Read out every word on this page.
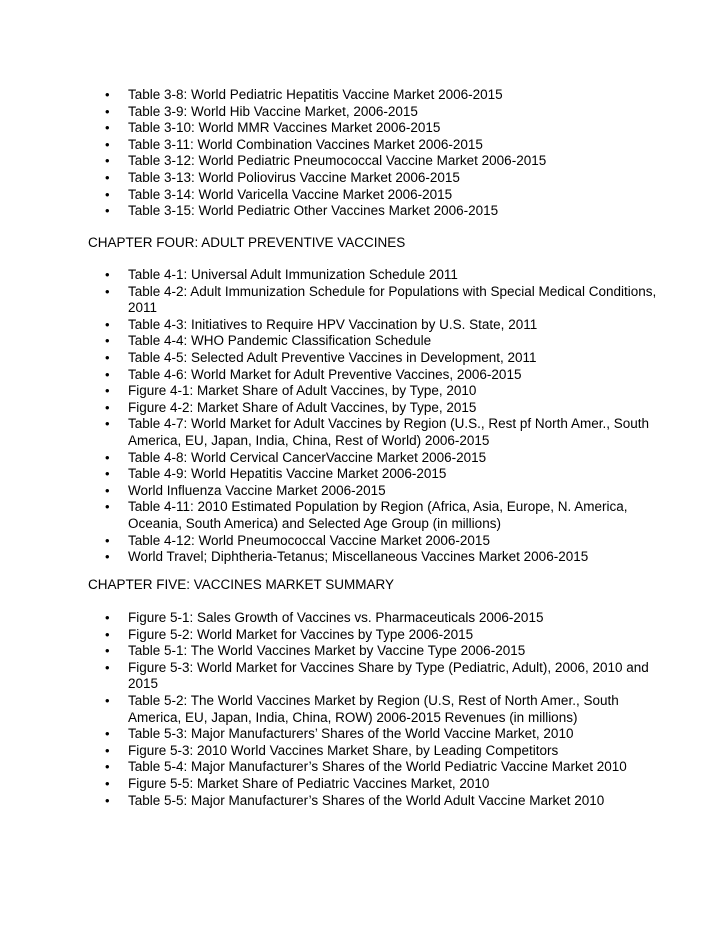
• Table 3-8: World Pediatric Hepatitis Vaccine Market 2006-2015
• Table 3-9: World Hib Vaccine Market, 2006-2015
• Table 3-10: World MMR Vaccines Market 2006-2015
• Table 3-11: World Combination Vaccines Market 2006-2015
• Table 3-12: World Pediatric Pneumococcal Vaccine Market 2006-2015
• Table 3-13: World Poliovirus Vaccine Market 2006-2015
• Table 3-14: World Varicella Vaccine Market 2006-2015
• Table 3-15: World Pediatric Other Vaccines Market 2006-2015
CHAPTER FOUR: ADULT PREVENTIVE VACCINES
• Table 4-1: Universal Adult Immunization Schedule 2011
• Table 4-2: Adult Immunization Schedule for Populations with Special Medical Conditions, 2011
• Table 4-3: Initiatives to Require HPV Vaccination by U.S. State, 2011
• Table 4-4: WHO Pandemic Classification Schedule
• Table 4-5: Selected Adult Preventive Vaccines in Development, 2011
• Table 4-6: World Market for Adult Preventive Vaccines, 2006-2015
• Figure 4-1: Market Share of Adult Vaccines, by Type, 2010
• Figure 4-2: Market Share of Adult Vaccines, by Type, 2015
• Table 4-7: World Market for Adult Vaccines by Region (U.S., Rest pf North Amer., South America, EU, Japan, India, China, Rest of World) 2006-2015
• Table 4-8: World Cervical CancerVaccine Market 2006-2015
• Table 4-9: World Hepatitis Vaccine Market 2006-2015
• World Influenza Vaccine Market 2006-2015
• Table 4-11: 2010 Estimated Population by Region (Africa, Asia, Europe, N. America, Oceania, South America) and Selected Age Group (in millions)
• Table 4-12: World Pneumococcal Vaccine Market 2006-2015
• World Travel; Diphtheria-Tetanus; Miscellaneous Vaccines Market 2006-2015
CHAPTER FIVE: VACCINES MARKET SUMMARY
• Figure 5-1: Sales Growth of Vaccines vs. Pharmaceuticals 2006-2015
• Figure 5-2: World Market for Vaccines by Type 2006-2015
• Table 5-1: The World Vaccines Market by Vaccine Type 2006-2015
• Figure 5-3: World Market for Vaccines Share by Type (Pediatric, Adult), 2006, 2010 and 2015
• Table 5-2: The World Vaccines Market by Region (U.S, Rest of North Amer., South America, EU, Japan, India, China, ROW) 2006-2015 Revenues (in millions)
• Table 5-3: Major Manufacturers’ Shares of the World Vaccine Market, 2010
• Figure 5-3: 2010 World Vaccines Market Share, by Leading Competitors
• Table 5-4: Major Manufacturer’s Shares of the World Pediatric Vaccine Market 2010
• Figure 5-5: Market Share of Pediatric Vaccines Market, 2010
• Table 5-5: Major Manufacturer’s Shares of the World Adult Vaccine Market 2010
